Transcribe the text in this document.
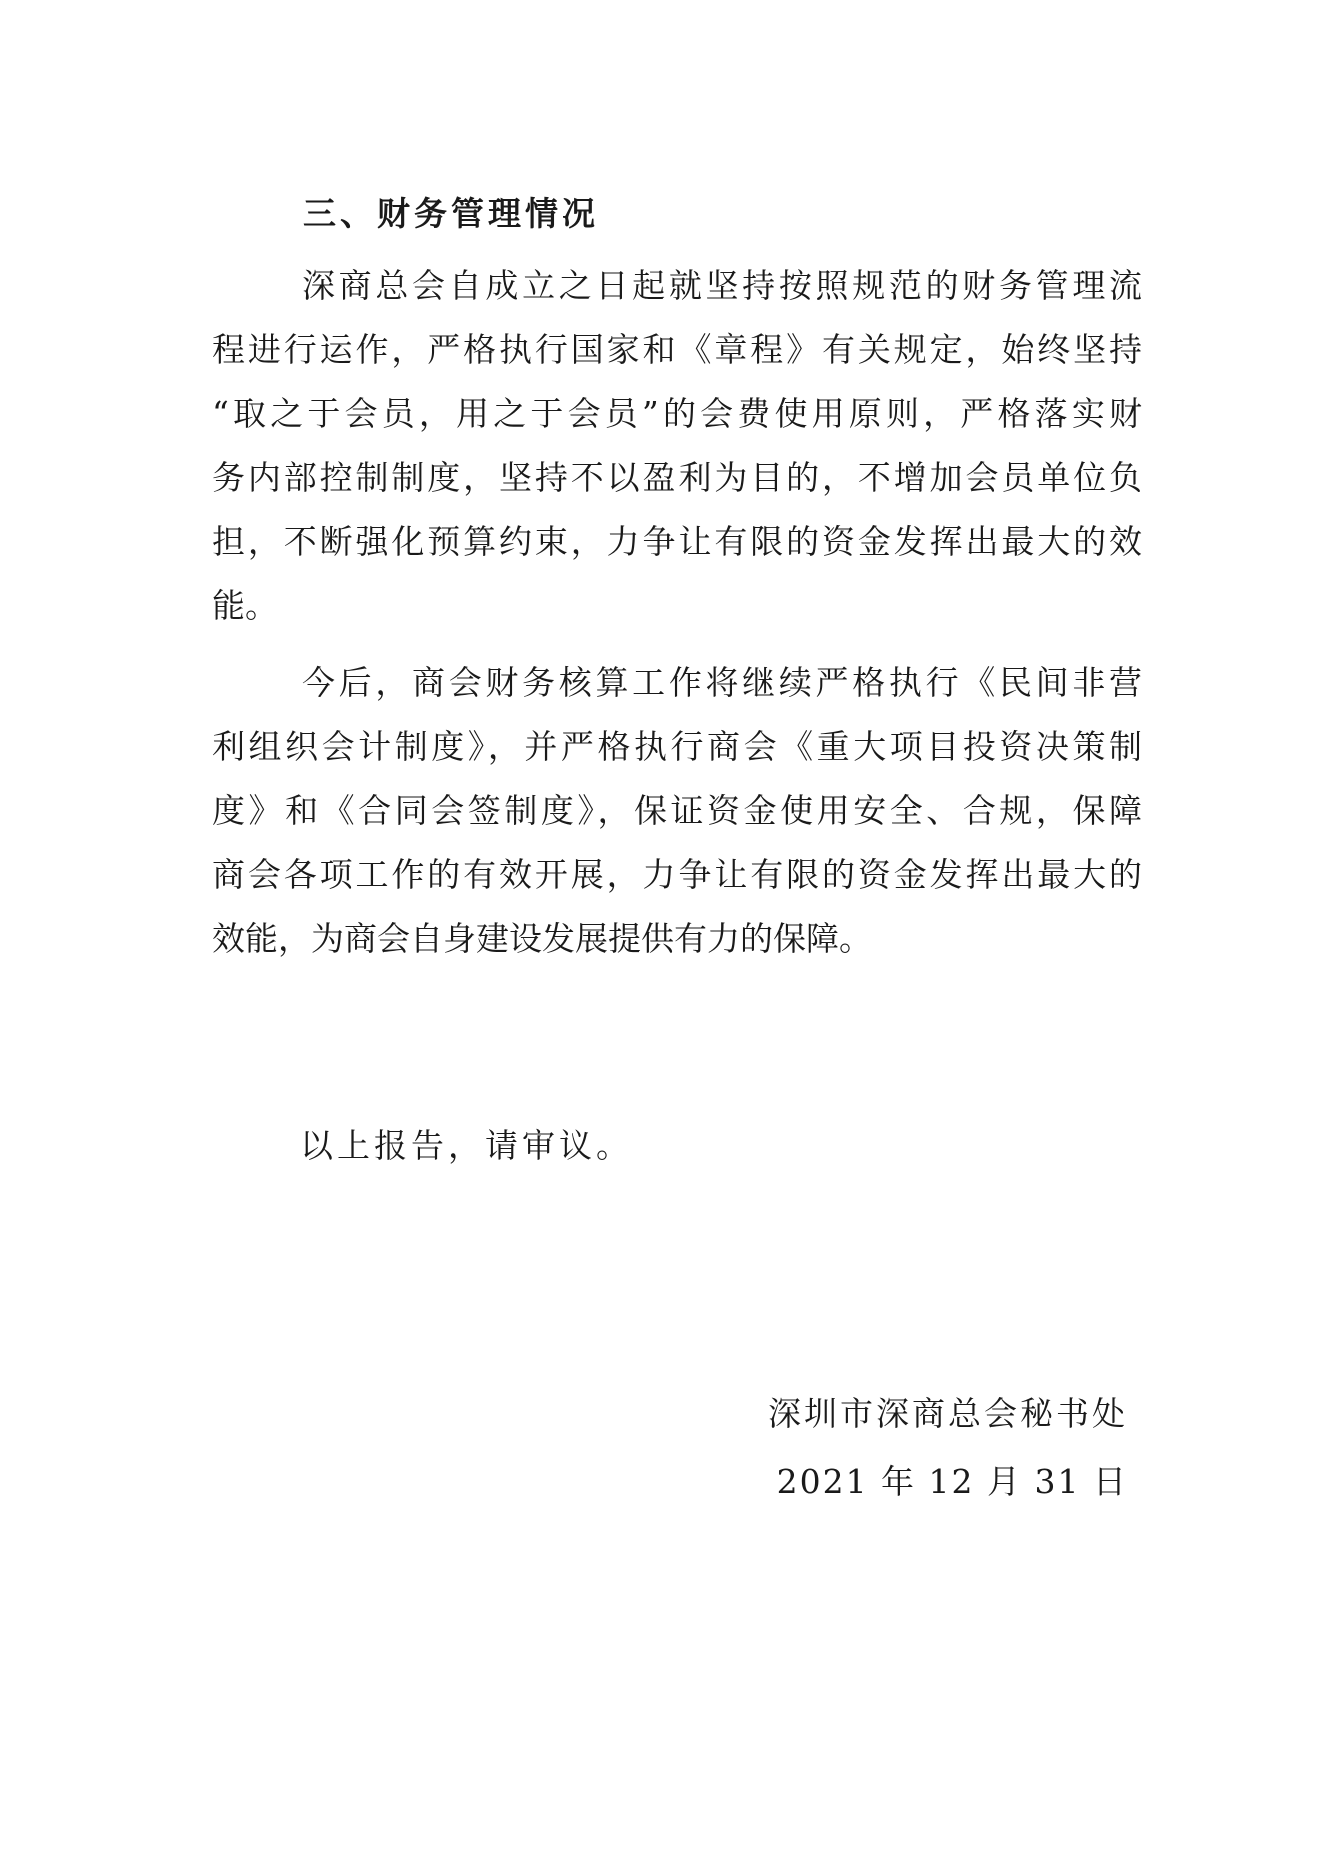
三、财务管理情况
深商总会自成立之日起就坚持按照规范的财务管理流
程进行运作，严格执行国家和《章程》有关规定，始终坚持
“取之于会员，用之于会员”的会费使用原则，严格落实财
务内部控制制度，坚持不以盈利为目的，不增加会员单位负
担，不断强化预算约束，力争让有限的资金发挥出最大的效
能。
今后，商会财务核算工作将继续严格执行《民间非营
利组织会计制度》，并严格执行商会《重大项目投资决策制
度》和《合同会签制度》，保证资金使用安全、合规，保障
商会各项工作的有效开展，力争让有限的资金发挥出最大的
效能，为商会自身建设发展提供有力的保障。

以上报告，请审议。

深圳市深商总会秘书处

2021 年 12 月 31 日
